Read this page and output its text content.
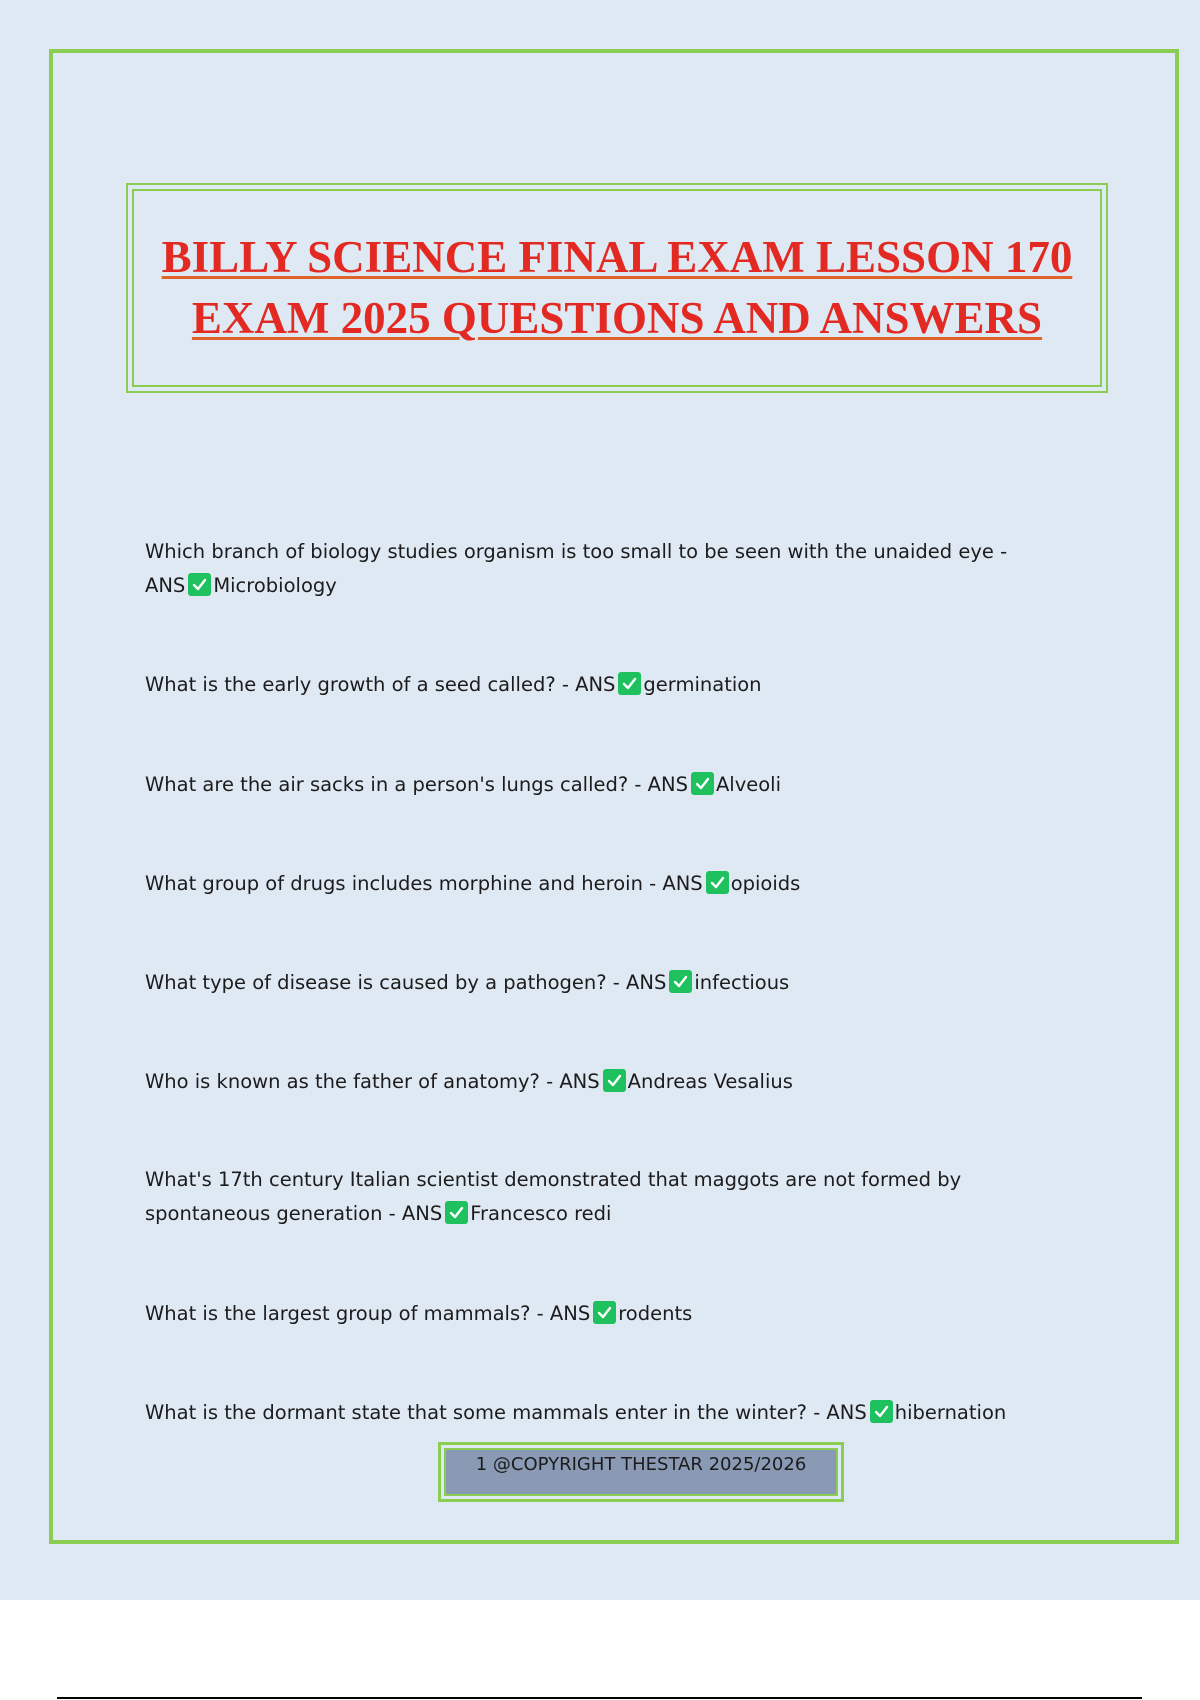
BILLY SCIENCE FINAL EXAM LESSON 170 EXAM 2025 QUESTIONS AND ANSWERS
Which branch of biology studies organism is too small to be seen with the unaided eye - ANS Microbiology
What is the early growth of a seed called? - ANS germination
What are the air sacks in a person's lungs called? - ANS Alveoli
What group of drugs includes morphine and heroin - ANS opioids
What type of disease is caused by a pathogen? - ANS infectious
Who is known as the father of anatomy? - ANS Andreas Vesalius
What's 17th century Italian scientist demonstrated that maggots are not formed by spontaneous generation - ANS Francesco redi
What is the largest group of mammals? - ANS rodents
What is the dormant state that some mammals enter in the winter? - ANS hibernation
1 @COPYRIGHT THESTAR 2025/2026
